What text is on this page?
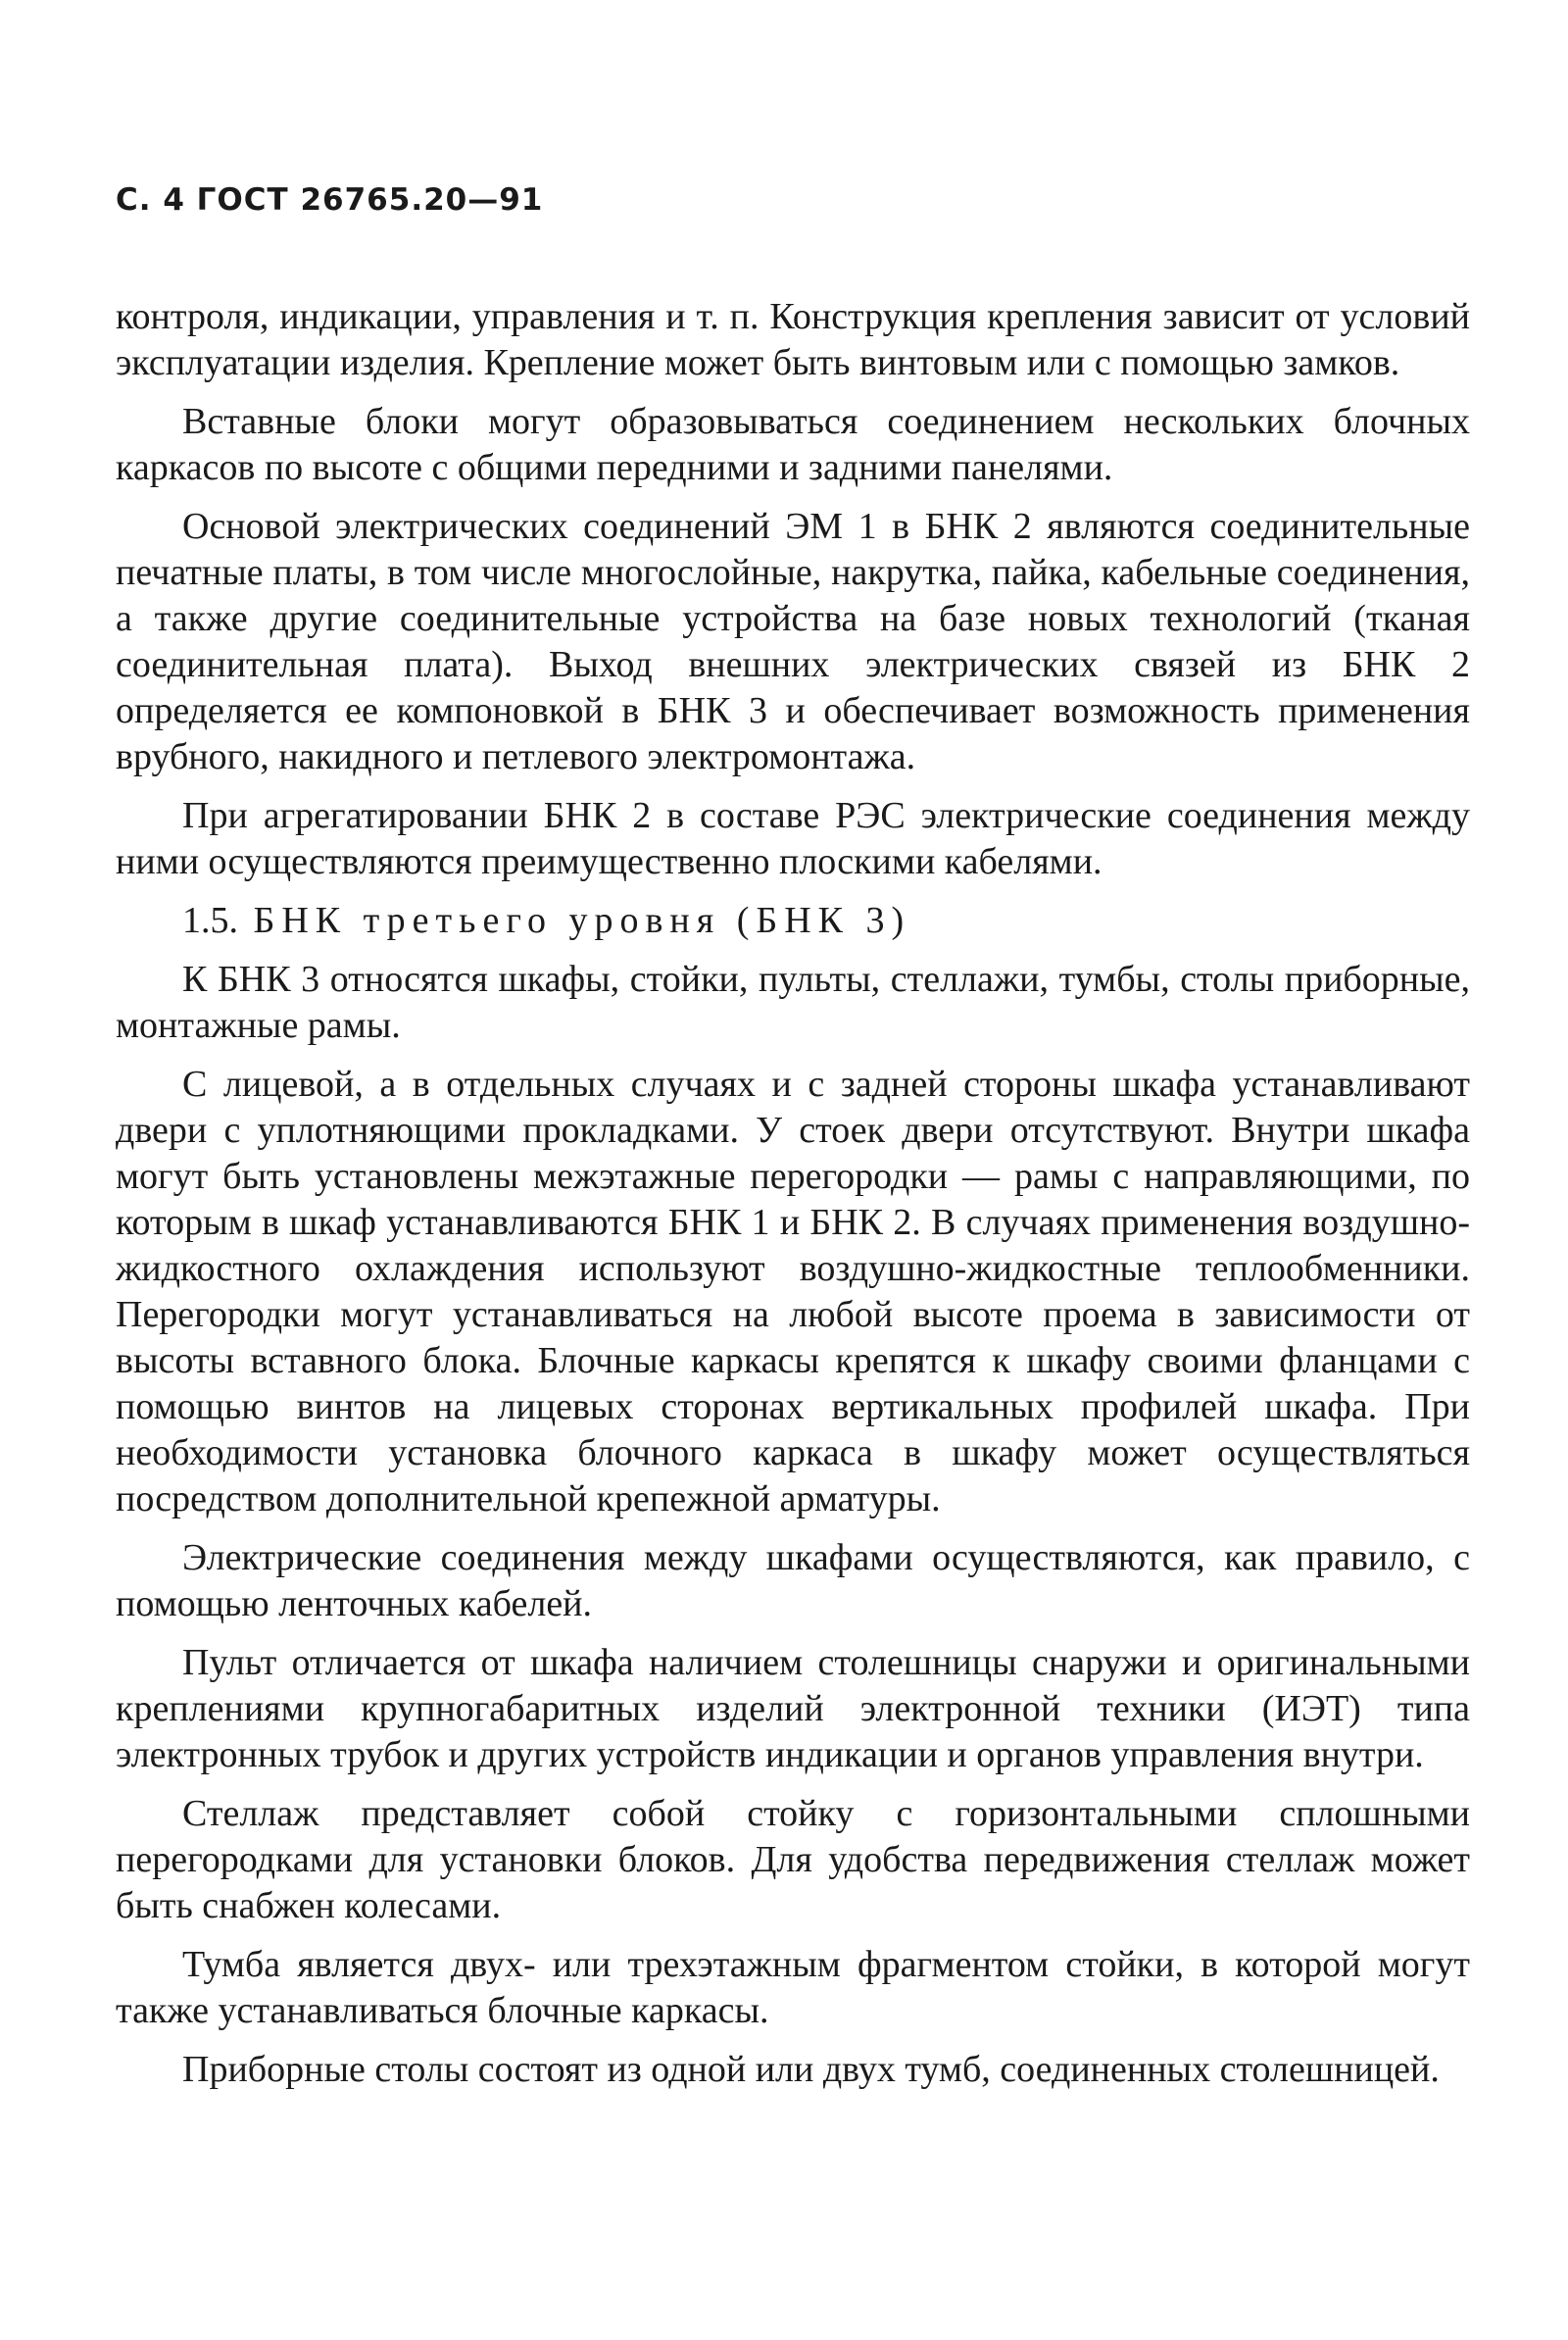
С. 4 ГОСТ 26765.20—91

контроля, индикации, управления и т. п. Конструкция крепления зависит от условий эксплуатации изделия. Крепление может быть винтовым или с помощью замков.

Вставные блоки могут образовываться соединением нескольких блочных каркасов по высоте с общими передними и задними панелями.

Основой электрических соединений ЭМ 1 в БНК 2 являются соединительные печатные платы, в том числе многослойные, накрутка, пайка, кабельные соединения, а также другие соединительные устройства на базе новых технологий (тканая соединительная плата). Выход внешних электрических связей из БНК 2 определяется ее компоновкой в БНК 3 и обеспечивает возможность применения врубного, накидного и петлевого электромонтажа.

При агрегатировании БНК 2 в составе РЭС электрические соединения между ними осуществляются преимущественно плоскими кабелями.

1.5. БНК третьего уровня (БНК 3)

К БНК 3 относятся шкафы, стойки, пульты, стеллажи, тумбы, столы приборные, монтажные рамы.

С лицевой, а в отдельных случаях и с задней стороны шкафа устанавливают двери с уплотняющими прокладками. У стоек двери отсутствуют. Внутри шкафа могут быть установлены межэтажные перегородки — рамы с направляющими, по которым в шкаф устанавливаются БНК 1 и БНК 2. В случаях применения воздушно-жидкостного охлаждения используют воздушно-жидкостные теплообменники. Перегородки могут устанавливаться на любой высоте проема в зависимости от высоты вставного блока. Блочные каркасы крепятся к шкафу своими фланцами с помощью винтов на лицевых сторонах вертикальных профилей шкафа. При необходимости установка блочного каркаса в шкафу может осуществляться посредством дополнительной крепежной арматуры.

Электрические соединения между шкафами осуществляются, как правило, с помощью ленточных кабелей.

Пульт отличается от шкафа наличием столешницы снаружи и оригинальными креплениями крупногабаритных изделий электронной техники (ИЭТ) типа электронных трубок и других устройств индикации и органов управления внутри.

Стеллаж представляет собой стойку с горизонтальными сплошными перегородками для установки блоков. Для удобства передвижения стеллаж может быть снабжен колесами.

Тумба является двух- или трехэтажным фрагментом стойки, в которой могут также устанавливаться блочные каркасы.

Приборные столы состоят из одной или двух тумб, соединенных столешницей.
